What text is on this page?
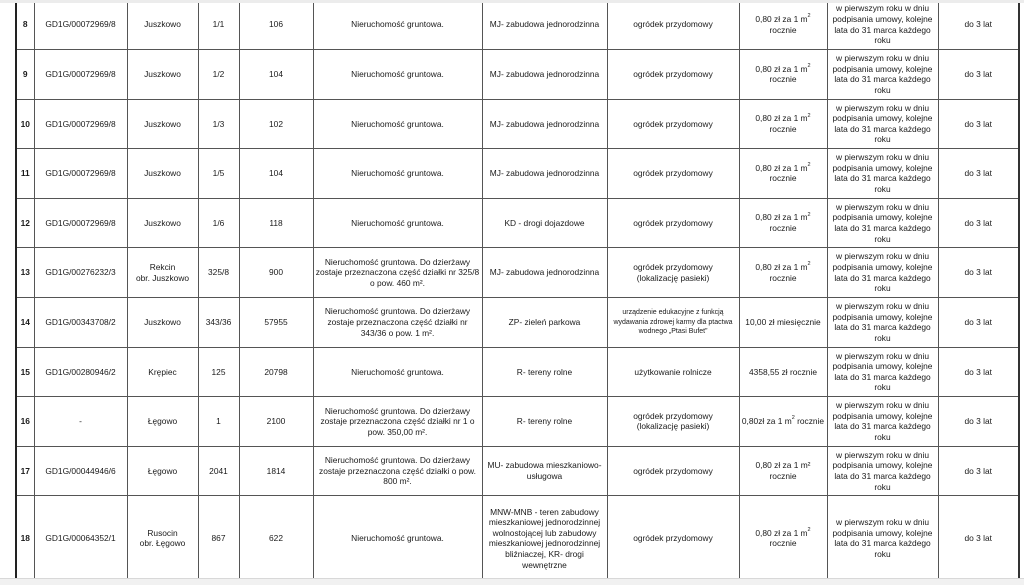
8	GD1G/00072969/8	Juszkowo	1/1	106	Nieruchomość gruntowa.	MJ- zabudowa jednorodzinna	ogródek przydomowy	0,80 zł za 1 $m^2$
rocznie	w pierwszym roku w dniu podpisania umowy, kolejne lata do 31 marca każdego roku	do 3 lat
9	GD1G/00072969/8	Juszkowo	1/2	104	Nieruchomość gruntowa.	MJ- zabudowa jednorodzinna	ogródek przydomowy	0,80 zł za 1 $m^2$
rocznie	w pierwszym roku w dniu podpisania umowy, kolejne lata do 31 marca każdego roku	do 3 lat
10	GD1G/00072969/8	Juszkowo	1/3	102	Nieruchomość gruntowa.	MJ- zabudowa jednorodzinna	ogródek przydomowy	0,80 zł za 1 $m^2$
rocznie	w pierwszym roku w dniu podpisania umowy, kolejne lata do 31 marca każdego roku	do 3 lat
11	GD1G/00072969/8	Juszkowo	1/5	104	Nieruchomość gruntowa.	MJ- zabudowa jednorodzinna	ogródek przydomowy	0,80 zł za 1 $m^2$
rocznie	w pierwszym roku w dniu podpisania umowy, kolejne lata do 31 marca każdego roku	do 3 lat
12	GD1G/00072969/8	Juszkowo	1/6	118	Nieruchomość gruntowa.	KD - drogi dojazdowe	ogródek przydomowy	0,80 zł za 1 $m^2$
rocznie	w pierwszym roku w dniu podpisania umowy, kolejne lata do 31 marca każdego roku	do 3 lat
13	GD1G/00276232/3	Rekcin
obr. Juszkowo	325/8	900	Nieruchomość gruntowa. Do dzierżawy zostaje przeznaczona część działki nr 325/8 o pow. 460 m².	MJ- zabudowa jednorodzinna	ogródek przydomowy
(lokalizację pasieki)	0,80 zł za 1 $m^2$
rocznie	w pierwszym roku w dniu podpisania umowy, kolejne lata do 31 marca każdego roku	do 3 lat
14	GD1G/00343708/2	Juszkowo	343/36	57955	Nieruchomość gruntowa. Do dzierżawy zostaje przeznaczona część działki nr 343/36 o pow. 1 m².	ZP- zieleń parkowa	urządzenie edukacyjne z funkcją wydawania zdrowej karmy dla ptactwa wodnego „Ptasi Bufet”	10,00 zł miesięcznie	w pierwszym roku w dniu podpisania umowy, kolejne lata do 31 marca każdego roku	do 3 lat
15	GD1G/00280946/2	Krępiec	125	20798	Nieruchomość gruntowa.	R- tereny rolne	użytkowanie rolnicze	4358,55 zł rocznie	w pierwszym roku w dniu podpisania umowy, kolejne lata do 31 marca każdego roku	do 3 lat
16	-	Łęgowo	1	2100	Nieruchomość gruntowa. Do dzierżawy zostaje przeznaczona część działki nr 1 o pow. 350,00 m².	R- tereny rolne	ogródek przydomowy
(lokalizację pasieki)	0,80zł za 1 $m^2$ rocznie	w pierwszym roku w dniu podpisania umowy, kolejne lata do 31 marca każdego roku	do 3 lat
17	GD1G/00044946/6	Łęgowo	2041	1814	Nieruchomość gruntowa. Do dzierżawy zostaje przeznaczona część działki o pow. 800 m².	MU- zabudowa mieszkaniowo-usługowa	ogródek przydomowy	0,80 zł za 1 m²
rocznie	w pierwszym roku w dniu podpisania umowy, kolejne lata do 31 marca każdego roku	do 3 lat
18	GD1G/00064352/1	Rusocin
obr. Łęgowo	867	622	Nieruchomość gruntowa.	MNW-MNB - teren zabudowy mieszkaniowej jednorodzinnej wolnostojącej lub zabudowy mieszkaniowej jednorodzinnej bliźniaczej, KR- drogi wewnętrzne	ogródek przydomowy	0,80 zł za 1 $m^2$
rocznie	w pierwszym roku w dniu podpisania umowy, kolejne lata do 31 marca każdego roku	do 3 lat
